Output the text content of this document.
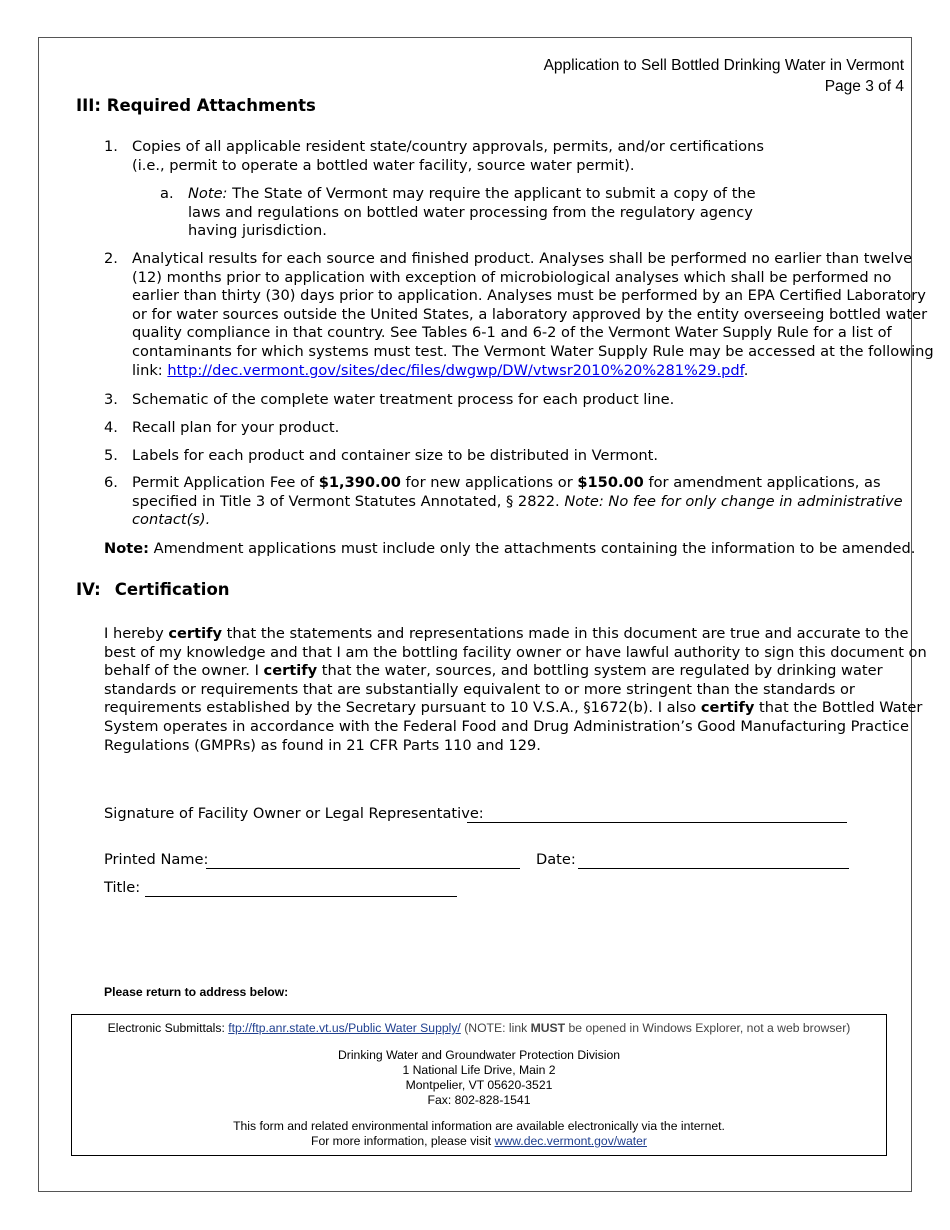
Application to Sell Bottled Drinking Water in Vermont
Page 3 of 4
III: Required Attachments
1. Copies of all applicable resident state/country approvals, permits, and/or certifications
(i.e., permit to operate a bottled water facility, source water permit).
a. Note: The State of Vermont may require the applicant to submit a copy of the
laws and regulations on bottled water processing from the regulatory agency
having jurisdiction.
2. Analytical results for each source and finished product. Analyses shall be performed no earlier than twelve
(12) months prior to application with exception of microbiological analyses which shall be performed no
earlier than thirty (30) days prior to application. Analyses must be performed by an EPA Certified Laboratory
or for water sources outside the United States, a laboratory approved by the entity overseeing bottled water
quality compliance in that country. See Tables 6-1 and 6-2 of the Vermont Water Supply Rule for a list of
contaminants for which systems must test. The Vermont Water Supply Rule may be accessed at the following
link: http://dec.vermont.gov/sites/dec/files/dwgwp/DW/vtwsr2010%20%281%29.pdf.
3. Schematic of the complete water treatment process for each product line.
4. Recall plan for your product.
5. Labels for each product and container size to be distributed in Vermont.
6. Permit Application Fee of $1,390.00 for new applications or $150.00 for amendment applications, as
specified in Title 3 of Vermont Statutes Annotated, § 2822. Note: No fee for only change in administrative
contact(s).
Note: Amendment applications must include only the attachments containing the information to be amended.
IV: Certification
I hereby certify that the statements and representations made in this document are true and accurate to the
best of my knowledge and that I am the bottling facility owner or have lawful authority to sign this document on
behalf of the owner. I certify that the water, sources, and bottling system are regulated by drinking water
standards or requirements that are substantially equivalent to or more stringent than the standards or
requirements established by the Secretary pursuant to 10 V.S.A., §1672(b). I also certify that the Bottled Water
System operates in accordance with the Federal Food and Drug Administration’s Good Manufacturing Practice
Regulations (GMPRs) as found in 21 CFR Parts 110 and 129.
Signature of Facility Owner or Legal Representative:
Printed Name:	Date:
Title:
Please return to address below:
Electronic Submittals: ftp://ftp.anr.state.vt.us/Public Water Supply/ (NOTE: link MUST be opened in Windows Explorer, not a web browser)
Drinking Water and Groundwater Protection Division
1 National Life Drive, Main 2
Montpelier, VT 05620-3521
Fax: 802-828-1541
This form and related environmental information are available electronically via the internet.
For more information, please visit www.dec.vermont.gov/water
